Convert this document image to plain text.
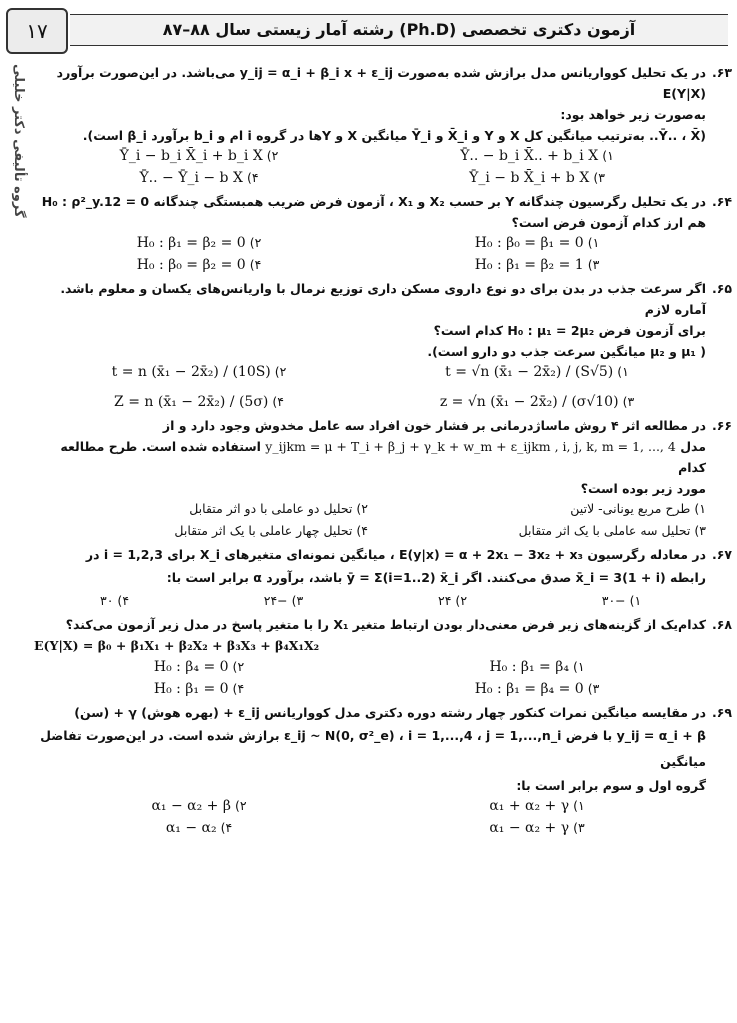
۱۷	آزمون دکتری تخصصی (Ph.D) رشته آمار زیستی سال ۸۸–۸۷
گروه تألیفی دکتر خلیلی	۶۳.
در یک تحلیل کوواریانس مدل برازش شده به‌صورت y_ij = α_i + β_i x + ε_ij می‌باشد. در این‌صورت برآورد E(Y|X)
به‌صورت زیر خواهد بود:
(Ȳ.. ، X̄.. به‌ترتیب میانگین کل X و Y و X̄_i و Ȳ_i میانگین X و Yها در گروه i ام و b_i برآورد β_i است).
۱)
Ȳ.. − b_i X̄.. + b_i X
۲)
Ȳ_i − b_i X̄_i + b_i X
۳)
Ȳ_i − b X̄_i + b X
۴)
Ȳ.. − Ȳ_i − b X
۶۴.
در یک تحلیل رگرسیون چندگانه Y بر حسب X₂ و X₁ ، آزمون فرض ضریب همبستگی چندگانه H₀ : ρ²_y.12 = 0
هم ارز کدام آزمون فرض است؟
۱)
H₀ : β₀ = β₁ = 0
۲)
H₀ : β₁ = β₂ = 0
۳)
H₀ : β₁ = β₂ = 1
۴)
H₀ : β₀ = β₂ = 0
۶۵.
اگر سرعت جذب در بدن برای دو نوع داروی مسکن داری توزیع نرمال با واریانس‌های یکسان و معلوم باشد. آماره لازم
برای آزمون فرض H₀ : μ₁ = 2μ₂ کدام است؟
( μ₁ و μ₂ میانگین سرعت جذب دو دارو است).
۱)
t = √n (x̄₁ − 2x̄₂) / (S√5)
۲)
t = n (x̄₁ − 2x̄₂) / (10S)
۳)
z = √n (x̄₁ − 2x̄₂) / (σ√10)
۴)
Z = n (x̄₁ − 2x̄₂) / (5σ)
۶۶.
در مطالعه اثر ۴ روش ماساژدرمانی بر فشار خون افراد سه عامل مخدوش وجود دارد و از
مدل y_ijkm = μ + T_i + β_j + γ_k + w_m + ε_ijkm , i, j, k, m = 1, ..., 4 استفاده شده است. طرح مطالعه کدام
مورد زیر بوده است؟
۱)
طرح مربع یونانی- لاتین
۲)
تحلیل دو عاملی با دو اثر متقابل
۳)
تحلیل سه عاملی با یک اثر متقابل
۴)
تحلیل چهار عاملی با یک اثر متقابل
۶۷.
در معادله رگرسیون E(y|x) = α + 2x₁ − 3x₂ + x₃ ، میانگین نمونه‌ای متغیرهای X_i برای i = 1,2,3 در
رابطه x̄_i = 3(1 + i) صدق می‌کنند. اگر ȳ = Σ(i=1..2) x̄_i باشد، برآورد α برابر است با:
۱)
−۳۰
۲)
۲۴
۳)
−۲۴
۴)
۳۰
۶۸.
کدام‌یک از گزینه‌های زیر فرض معنی‌دار بودن ارتباط متغیر X₁ را با متغیر پاسخ در مدل زیر آزمون می‌کند؟
E(Y|X) = β₀ + β₁X₁ + β₂X₂ + β₃X₃ + β₄X₁X₂
۱)
H₀ : β₁ = β₄
۲)
H₀ : β₄ = 0
۳)
H₀ : β₁ = β₄ = 0
۴)
H₀ : β₁ = 0
۶۹.
در مقایسه میانگین نمرات کنکور چهار رشته دوره دکتری مدل کوواریانس ε_ij + (بهره هوش) γ + (سن)
y_ij = α_i + β با فرض ε_ij ~ N(0, σ²_e) ، i = 1,...,4 ، j = 1,...,n_i برازش شده است. در این‌صورت تفاضل میانگین
گروه اول و سوم برابر است با:
۱)
α₁ + α₂ + γ
۲)
α₁ − α₂ + β
۳)
α₁ − α₂ + γ
۴)
α₁ − α₂
